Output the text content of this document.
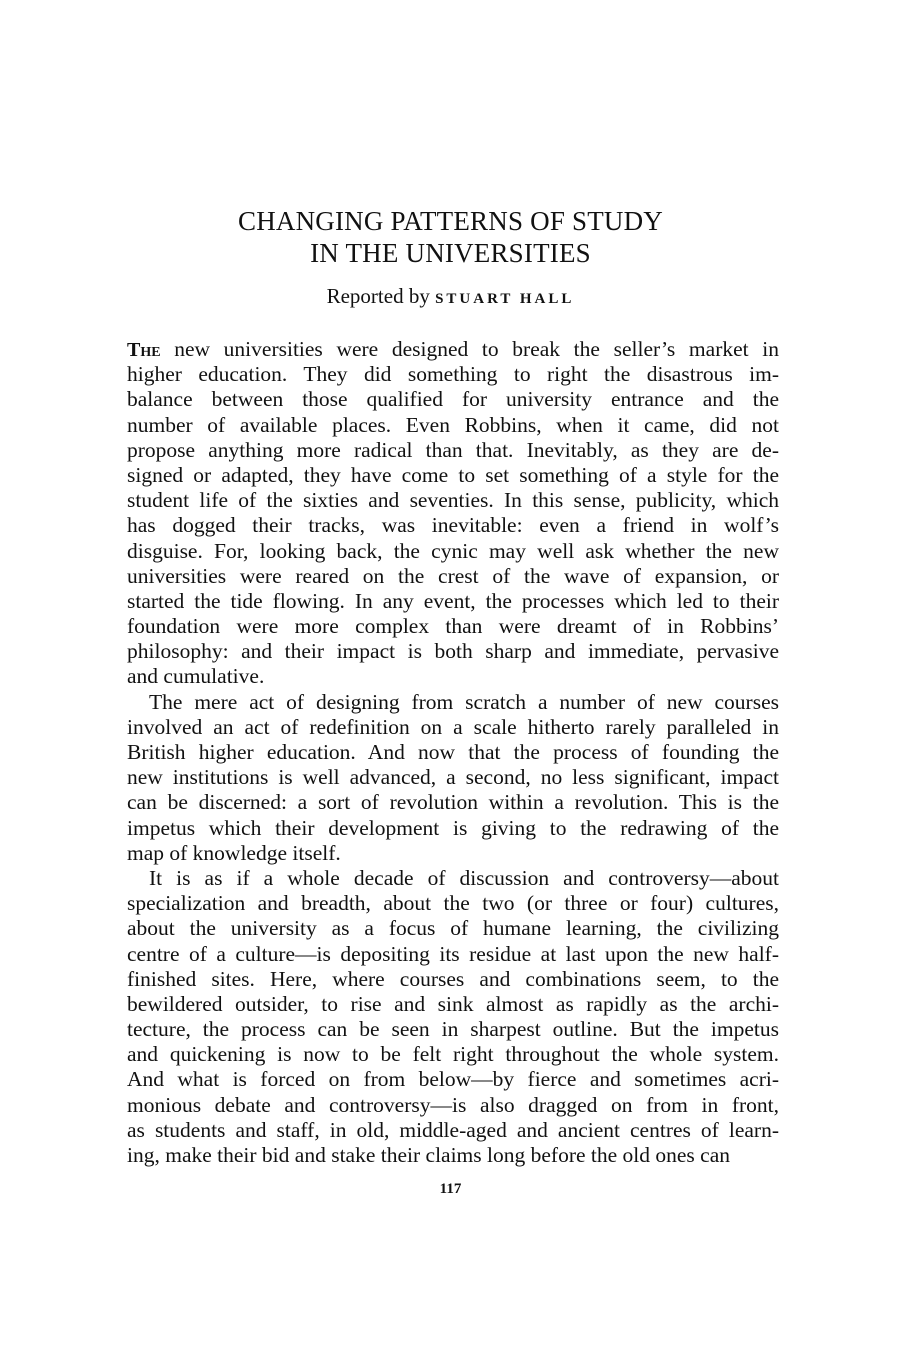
CHANGING PATTERNS OF STUDY
IN THE UNIVERSITIES
Reported by STUART HALL
The new universities were designed to break the seller’s market in
higher education. They did something to right the disastrous im-
balance between those qualified for university entrance and the
number of available places. Even Robbins, when it came, did not
propose anything more radical than that. Inevitably, as they are de-
signed or adapted, they have come to set something of a style for the
student life of the sixties and seventies. In this sense, publicity, which
has dogged their tracks, was inevitable: even a friend in wolf’s
disguise. For, looking back, the cynic may well ask whether the new
universities were reared on the crest of the wave of expansion, or
started the tide flowing. In any event, the processes which led to their
foundation were more complex than were dreamt of in Robbins’
philosophy: and their impact is both sharp and immediate, pervasive
and cumulative.
The mere act of designing from scratch a number of new courses
involved an act of redefinition on a scale hitherto rarely paralleled in
British higher education. And now that the process of founding the
new institutions is well advanced, a second, no less significant, impact
can be discerned: a sort of revolution within a revolution. This is the
impetus which their development is giving to the redrawing of the
map of knowledge itself.
It is as if a whole decade of discussion and controversy—about
specialization and breadth, about the two (or three or four) cultures,
about the university as a focus of humane learning, the civilizing
centre of a culture—is depositing its residue at last upon the new half-
finished sites. Here, where courses and combinations seem, to the
bewildered outsider, to rise and sink almost as rapidly as the archi-
tecture, the process can be seen in sharpest outline. But the impetus
and quickening is now to be felt right throughout the whole system.
And what is forced on from below—by fierce and sometimes acri-
monious debate and controversy—is also dragged on from in front,
as students and staff, in old, middle-aged and ancient centres of learn-
ing, make their bid and stake their claims long before the old ones can
117
